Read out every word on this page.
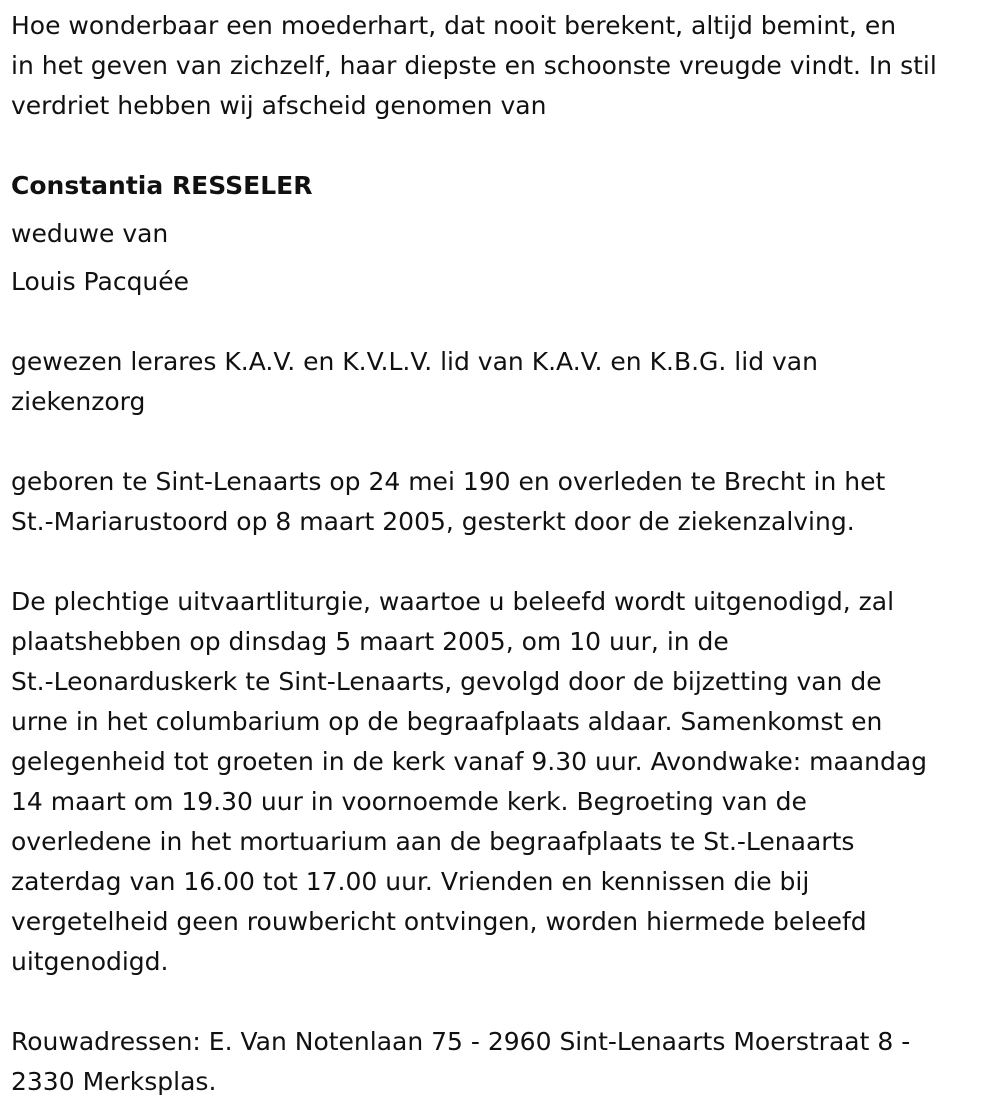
Hoe wonderbaar een moederhart, dat nooit berekent, altijd bemint, en
in het geven van zichzelf, haar diepste en schoonste vreugde vindt. In stil
verdriet hebben wij afscheid genomen van

Constantia RESSELER

weduwe van

Louis Pacquée

gewezen lerares K.A.V. en K.V.L.V. lid van K.A.V. en K.B.G. lid van
ziekenzorg

geboren te Sint-Lenaarts op 24 mei 190 en overleden te Brecht in het
St.-Mariarustoord op 8 maart 2005, gesterkt door de ziekenzalving.

De plechtige uitvaartliturgie, waartoe u beleefd wordt uitgenodigd, zal
plaatshebben op dinsdag 5 maart 2005, om 10 uur, in de
St.-Leonarduskerk te Sint-Lenaarts, gevolgd door de bijzetting van de
urne in het columbarium op de begraafplaats aldaar. Samenkomst en
gelegenheid tot groeten in de kerk vanaf 9.30 uur. Avondwake: maandag
14 maart om 19.30 uur in voornoemde kerk. Begroeting van de
overledene in het mortuarium aan de begraafplaats te St.-Lenaarts
zaterdag van 16.00 tot 17.00 uur. Vrienden en kennissen die bij
vergetelheid geen rouwbericht ontvingen, worden hiermede beleefd
uitgenodigd.

Rouwadressen: E. Van Notenlaan 75 - 2960 Sint-Lenaarts Moerstraat 8 -
2330 Merksplas.
